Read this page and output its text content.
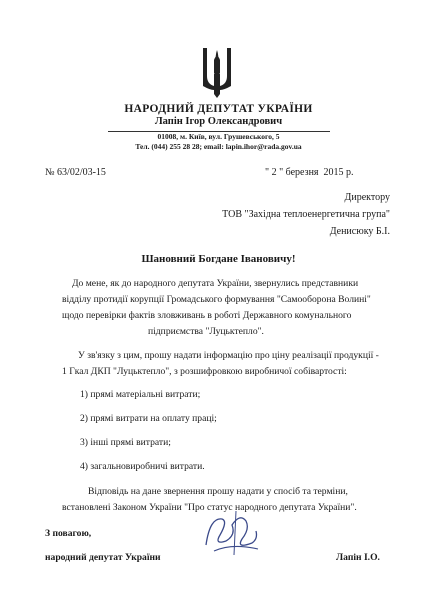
НАРОДНИЙ ДЕПУТАТ УКРАЇНИ
Лапін Ігор Олександрович
01008, м. Київ, вул. Грушевського, 5
Тел. (044) 255 28 28; email: lapin.ihor@rada.gov.ua
№ 63/02/03-15	" 2 " березня  2015 р.
Директору
ТОВ "Західна теплоенергетична група"
Денисюку Б.І.
Шановний Богдане Івановичу!
До мене, як до народного депутата України, звернулись представники
відділу протидії корупції Громадського формування "Самооборона Волині"
щодо перевірки фактів зловживань в роботі Державного комунального
підприємства "Луцьктепло".
У зв'язку з цим, прошу надати інформацію про ціну реалізації продукції -
1 Гкал ДКП "Луцьктепло", з розшифровкою виробничої собівартості:
1) прямі матеріальні витрати;
2) прямі витрати на оплату праці;
3) інші прямі витрати;
4) загальновиробничі витрати.
Відповідь на дане звернення прошу надати у спосіб та терміни,
встановлені Законом України "Про статус народного депутата України".
З повагою,
народний депутат України	Лапін І.О.
